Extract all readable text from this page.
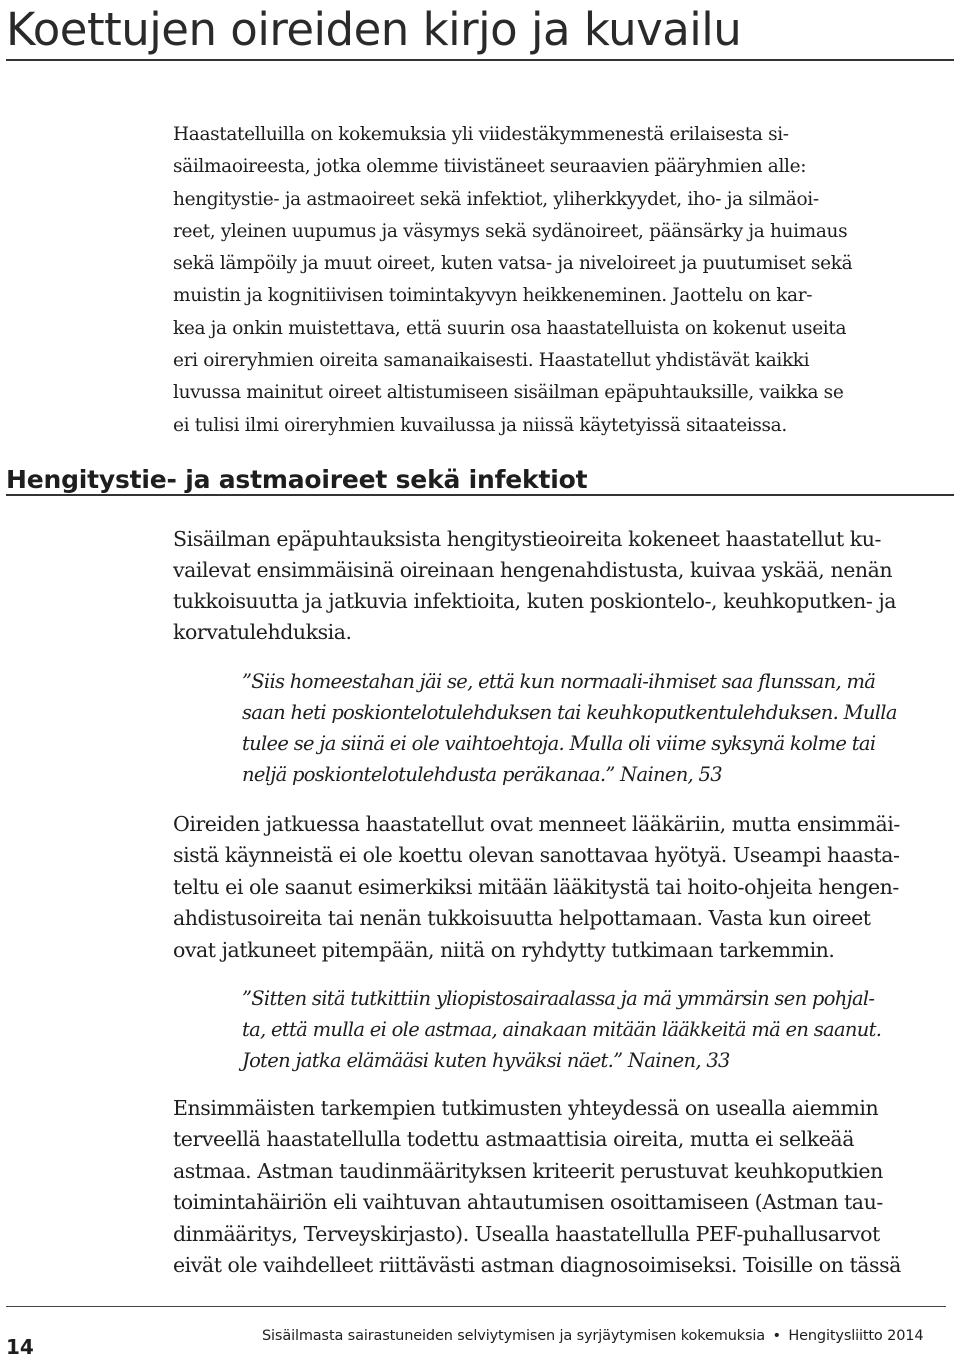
Koettujen oireiden kirjo ja kuvailu

Haastatelluilla on kokemuksia yli viidestäkymmenestä erilaisesta si-
säilmaoireesta, jotka olemme tiivistäneet seuraavien pääryhmien alle:
hengitystie- ja astmaoireet sekä infektiot, yliherkkyydet, iho- ja silmäoi-
reet, yleinen uupumus ja väsymys sekä sydänoireet, päänsärky ja huimaus
sekä lämpöily ja muut oireet, kuten vatsa- ja niveloireet ja puutumiset sekä
muistin ja kognitiivisen toimintakyvyn heikkeneminen. Jaottelu on kar-
kea ja onkin muistettava, että suurin osa haastatelluista on kokenut useita
eri oireryhmien oireita samanaikaisesti. Haastatellut yhdistävät kaikki
luvussa mainitut oireet altistumiseen sisäilman epäpuhtauksille, vaikka se
ei tulisi ilmi oireryhmien kuvailussa ja niissä käytetyissä sitaateissa.

Hengitystie- ja astmaoireet sekä infektiot

Sisäilman epäpuhtauksista hengitystieoireita kokeneet haastatellut ku-
vailevat ensimmäisinä oireinaan hengenahdistusta, kuivaa yskää, nenän
tukkoisuutta ja jatkuvia infektioita, kuten poskiontelo-, keuhkoputken- ja
korvatulehduksia.

”Siis homeestahan jäi se, että kun normaali-ihmiset saa flunssan, mä
saan heti poskiontelotulehduksen tai keuhkoputkentulehduksen. Mulla
tulee se ja siinä ei ole vaihtoehtoja. Mulla oli viime syksynä kolme tai
neljä poskiontelotulehdusta peräkanaa.” Nainen, 53

Oireiden jatkuessa haastatellut ovat menneet lääkäriin, mutta ensimmäi-
sistä käynneistä ei ole koettu olevan sanottavaa hyötyä. Useampi haasta-
teltu ei ole saanut esimerkiksi mitään lääkitystä tai hoito-ohjeita hengen-
ahdistusoireita tai nenän tukkoisuutta helpottamaan. Vasta kun oireet
ovat jatkuneet pitempään, niitä on ryhdytty tutkimaan tarkemmin.

”Sitten sitä tutkittiin yliopistosairaalassa ja mä ymmärsin sen pohjal-
ta, että mulla ei ole astmaa, ainakaan mitään lääkkeitä mä en saanut.
Joten jatka elämääsi kuten hyväksi näet.” Nainen, 33

Ensimmäisten tarkempien tutkimusten yhteydessä on usealla aiemmin
terveellä haastatellulla todettu astmaattisia oireita, mutta ei selkeää
astmaa. Astman taudinmäärityksen kriteerit perustuvat keuhkoputkien
toimintahäiriön eli vaihtuvan ahtautumisen osoittamiseen (Astman tau-
dinmääritys, Terveyskirjasto). Usealla haastatellulla PEF-puhallusarvot
eivät ole vaihdelleet riittävästi astman diagnosoimiseksi. Toisille on tässä

14	Sisäilmasta sairastuneiden selviytymisen ja syrjäytymisen kokemuksia • Hengitysliitto 2014
